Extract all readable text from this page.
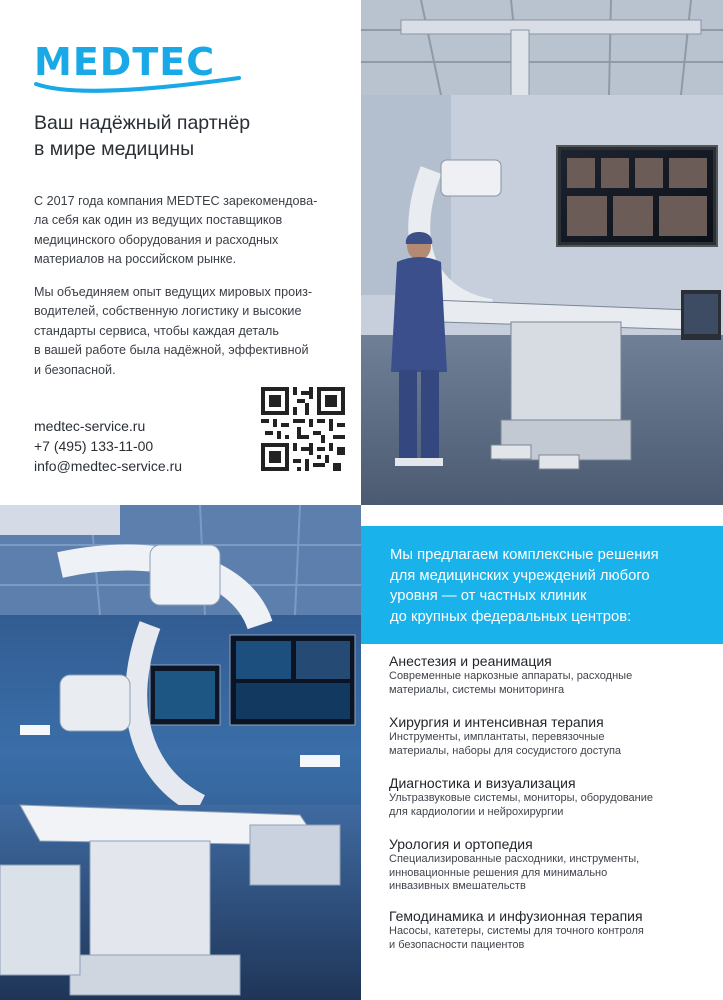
MEDTEC
Ваш надёжный партнёр
в мире медицины
С 2017 года компания MEDTEC зарекомендова-
ла себя как один из ведущих поставщиков
медицинского оборудования и расходных
материалов на российском рынке.
Мы объединяем опыт ведущих мировых произ-
водителей, собственную логистику и высокие
стандарты сервиса, чтобы каждая деталь
в вашей работе была надёжной, эффективной
и безопасной.
medtec-service.ru
+7 (495) 133-11-00
info@medtec-service.ru
Мы предлагаем комплексные решения
для медицинских учреждений любого
уровня — от частных клиник
до крупных федеральных центров:
Анестезия и реанимация
Современные наркозные аппараты, расходные
материалы, системы мониторинга
Хирургия и интенсивная терапия
Инструменты, имплантаты, перевязочные
материалы, наборы для сосудистого доступа
Диагностика и визуализация
Ультразвуковые системы, мониторы, оборудование
для кардиологии и нейрохирургии
Урология и ортопедия
Специализированные расходники, инструменты,
инновационные решения для минимально
инвазивных вмешательств
Гемодинамика и инфузионная терапия
Насосы, катетеры, системы для точного контроля
и безопасности пациентов
